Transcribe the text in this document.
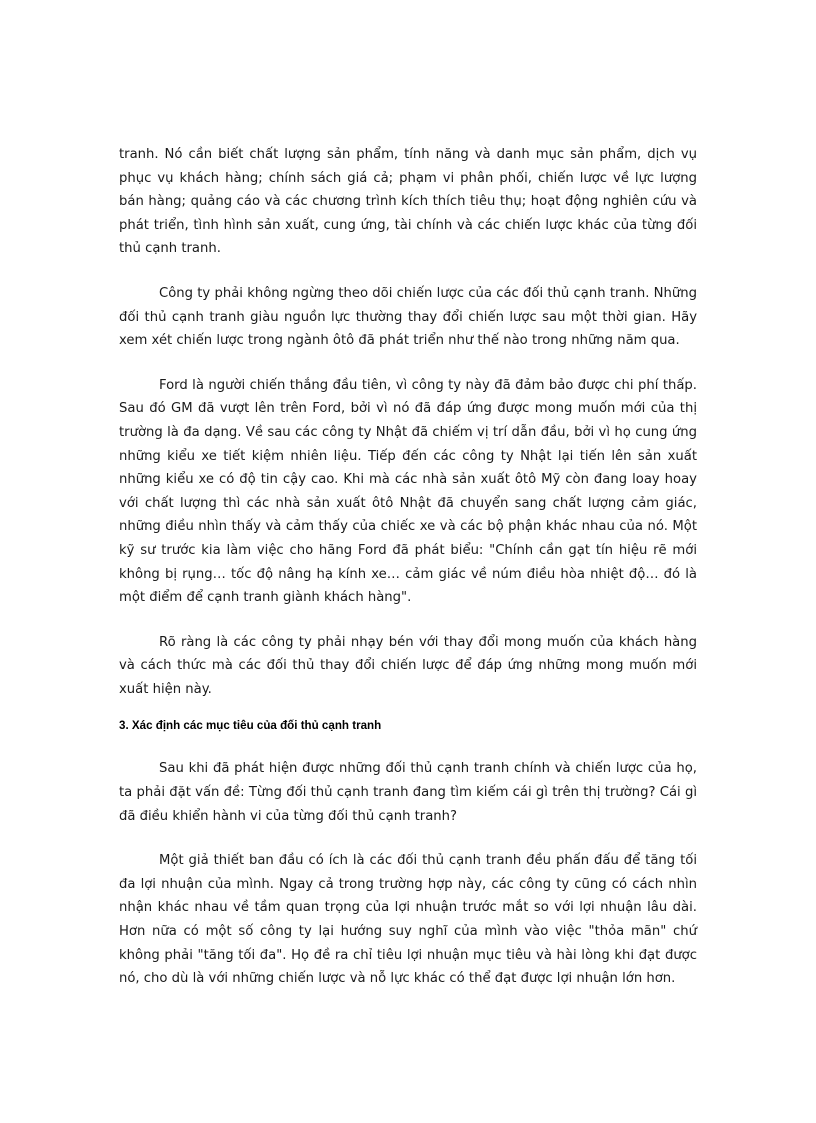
tranh. Nó cần biết chất lượng sản phẩm, tính năng và danh mục sản phẩm, dịch vụ phục vụ khách hàng; chính sách giá cả; phạm vi phân phối, chiến lược về lực lượng bán hàng; quảng cáo và các chương trình kích thích tiêu thụ; hoạt động nghiên cứu và phát triển, tình hình sản xuất, cung ứng, tài chính và các chiến lược khác của từng đối thủ cạnh tranh.

Công ty phải không ngừng theo dõi chiến lược của các đối thủ cạnh tranh. Những đối thủ cạnh tranh giàu nguồn lực thường thay đổi chiến lược sau một thời gian. Hãy xem xét chiến lược trong ngành ôtô đã phát triển như thế nào trong những năm qua.

Ford là người chiến thắng đầu tiên, vì công ty này đã đảm bảo được chi phí thấp. Sau đó GM đã vượt lên trên Ford, bởi vì nó đã đáp ứng được mong muốn mới của thị trường là đa dạng. Về sau các công ty Nhật đã chiếm vị trí dẫn đầu, bởi vì họ cung ứng những kiểu xe tiết kiệm nhiên liệu. Tiếp đến các công ty Nhật lại tiến lên sản xuất những kiểu xe có độ tin cậy cao. Khi mà các nhà sản xuất ôtô Mỹ còn đang loay hoay với chất lượng thì các nhà sản xuất ôtô Nhật đã chuyển sang chất lượng cảm giác, những điều nhìn thấy và cảm thấy của chiếc xe và các bộ phận khác nhau của nó. Một kỹ sư trước kia làm việc cho hãng Ford đã phát biểu: "Chính cần gạt tín hiệu rẽ mới không bị rụng… tốc độ nâng hạ kính xe… cảm giác về núm điều hòa nhiệt độ… đó là một điểm để cạnh tranh giành khách hàng".

Rõ ràng là các công ty phải nhạy bén với thay đổi mong muốn của khách hàng và cách thức mà các đối thủ thay đổi chiến lược để đáp ứng những mong muốn mới xuất hiện này.

3. Xác định các mục tiêu của đối thủ cạnh tranh

Sau khi đã phát hiện được những đối thủ cạnh tranh chính và chiến lược của họ, ta phải đặt vấn đề: Từng đối thủ cạnh tranh đang tìm kiếm cái gì trên thị trường? Cái gì đã điều khiển hành vi của từng đối thủ cạnh tranh?

Một giả thiết ban đầu có ích là các đối thủ cạnh tranh đều phấn đấu để tăng tối đa lợi nhuận của mình. Ngay cả trong trường hợp này, các công ty cũng có cách nhìn nhận khác nhau về tầm quan trọng của lợi nhuận trước mắt so với lợi nhuận lâu dài. Hơn nữa có một số công ty lại hướng suy nghĩ của mình vào việc "thỏa mãn" chứ không phải "tăng tối đa". Họ đề ra chỉ tiêu lợi nhuận mục tiêu và hài lòng khi đạt được nó, cho dù là với những chiến lược và nỗ lực khác có thể đạt được lợi nhuận lớn hơn.
